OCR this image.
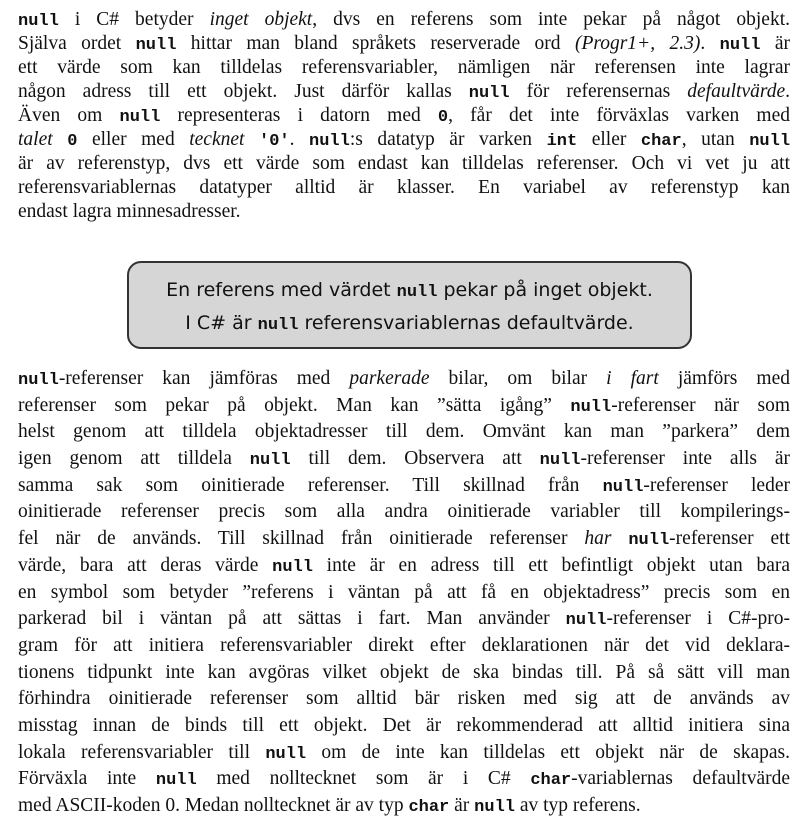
null i C# betyder inget objekt, dvs en referens som inte pekar på något objekt.
Själva ordet null hittar man bland språkets reserverade ord (Progr1+, 2.3). null är
ett värde som kan tilldelas referensvariabler, nämligen när referensen inte lagrar
någon adress till ett objekt. Just därför kallas null för referensernas defaultvärde.
Även om null representeras i datorn med 0, får det inte förväxlas varken med
talet 0 eller med tecknet '0'. null:s datatyp är varken int eller char, utan null
är av referenstyp, dvs ett värde som endast kan tilldelas referenser. Och vi vet ju att
referensvariablernas datatyper alltid är klasser. En variabel av referenstyp kan
endast lagra minnesadresser.
En referens med värdet null pekar på inget objekt.
I C# är null referensvariablernas defaultvärde.
null-referenser kan jämföras med parkerade bilar, om bilar i fart jämförs med
referenser som pekar på objekt. Man kan ”sätta igång” null-referenser när som
helst genom att tilldela objektadresser till dem. Omvänt kan man ”parkera” dem
igen genom att tilldela null till dem. Observera att null-referenser inte alls är
samma sak som oinitierade referenser. Till skillnad från null-referenser leder
oinitierade referenser precis som alla andra oinitierade variabler till kompilerings-
fel när de används. Till skillnad från oinitierade referenser har null-referenser ett
värde, bara att deras värde null inte är en adress till ett befintligt objekt utan bara
en symbol som betyder ”referens i väntan på att få en objektadress” precis som en
parkerad bil i väntan på att sättas i fart. Man använder null-referenser i C#-pro-
gram för att initiera referensvariabler direkt efter deklarationen när det vid deklara-
tionens tidpunkt inte kan avgöras vilket objekt de ska bindas till. På så sätt vill man
förhindra oinitierade referenser som alltid bär risken med sig att de används av
misstag innan de binds till ett objekt. Det är rekommenderad att alltid initiera sina
lokala referensvariabler till null om de inte kan tilldelas ett objekt när de skapas.
Förväxla inte null med nolltecknet som är i C# char-variablernas defaultvärde
med ASCII-koden 0. Medan nolltecknet är av typ char är null av typ referens.
